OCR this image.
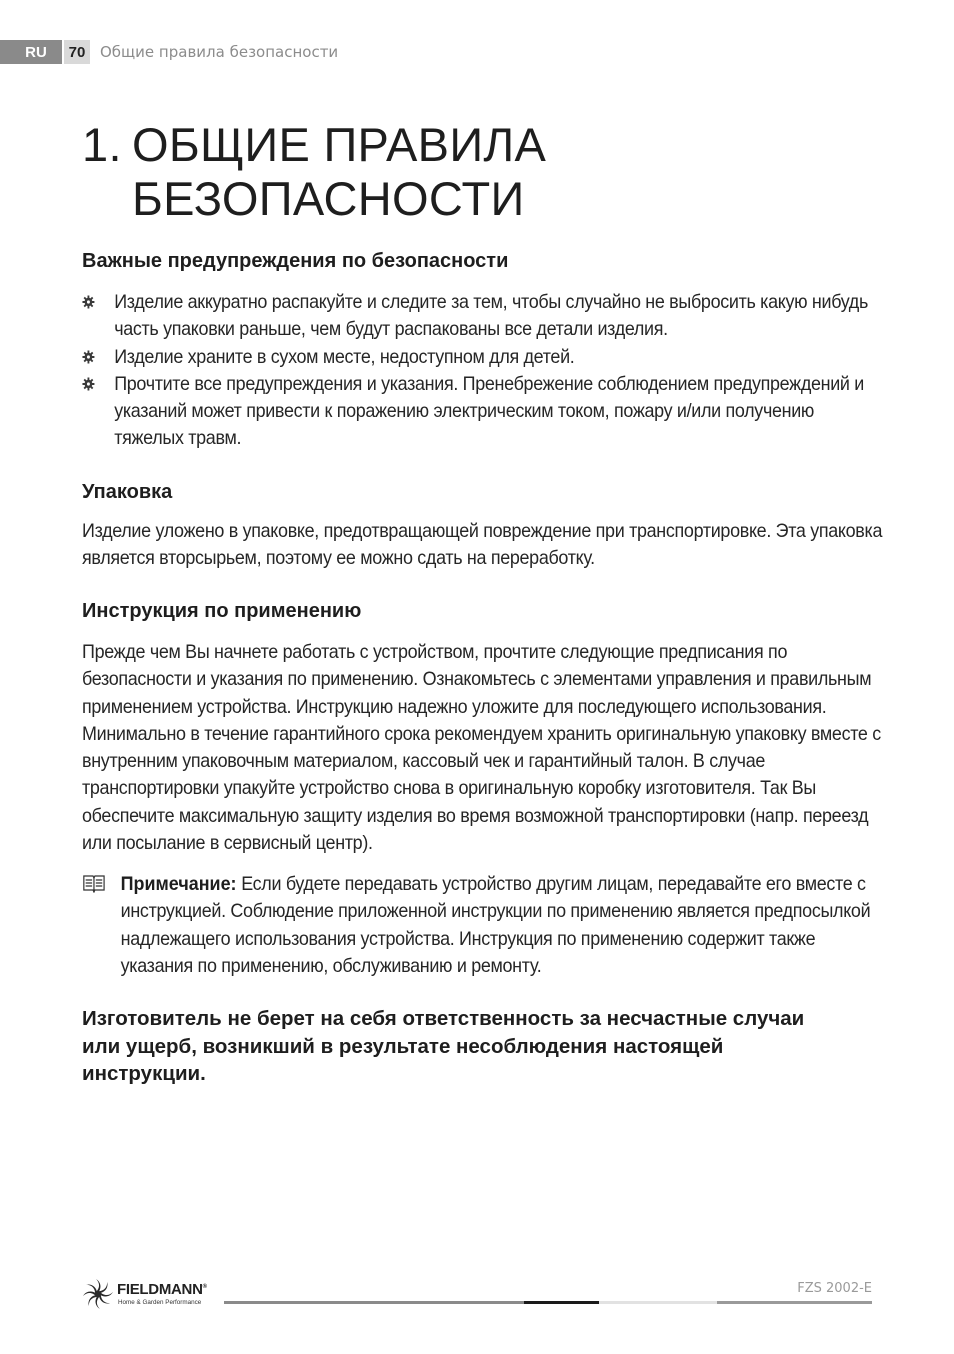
RU	70 Общие правила безопасности
1. ОБЩИЕ ПРАВИЛА
БЕЗОПАСНОСТИ
Важные предупреждения по безопасности
Изделие аккуратно распакуйте и следите за тем, чтобы случайно не выбросить какую нибудь часть упаковки раньше, чем будут распакованы все детали изделия.
Изделие храните в сухом месте, недоступном для детей.
Прочтите все предупреждения и указания. Пренебрежение соблюдением предупреждений и указаний может привести к поражению электрическим током, пожару и/или получению тяжелых травм.
Упаковка

Изделие уложено в упаковке, предотвращающей повреждение при транспортировке. Эта упаковка является вторсырьем, поэтому ее можно сдать на переработку.

Инструкция по применению

Прежде чем Вы начнете работать с устройством, прочтите следующие предписания по безопасности и указания по применению. Ознакомьтесь с элементами управления и правильным применением устройства. Инструкцию надежно уложите для последующего использования. Минимально в течение гарантийного срока рекомендуем хранить оригинальную упаковку вместе с внутренним упаковочным материалом, кассовый чек и гарантийный талон. В случае транспортировки упакуйте устройство снова в оригинальную коробку изготовителя. Так Вы обеспечите максимальную защиту изделия во время возможной транспортировки (напр. переезд или посылание в сервисный центр).

Примечание: Если будете передавать устройство другим лицам, передавайте его вместе с инструкцией. Соблюдение приложенной инструкции по применению является предпосылкой надлежащего использования устройства. Инструкция по применению содержит также указания по применению, обслуживанию и ремонту.

Изготовитель не берет на себя ответственность за несчастные случаи или ущерб, возникший в результате несоблюдения настоящей инструкции.

FIELDMANN®
Home & Garden Performance
FZS 2002-E
